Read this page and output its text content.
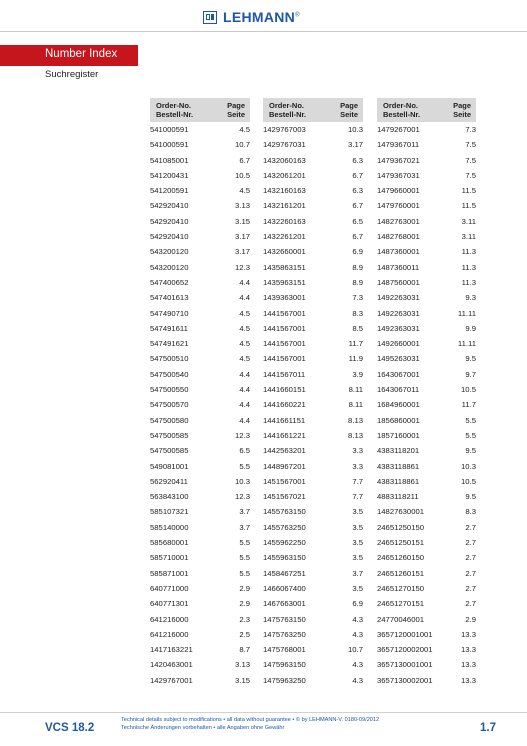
LEHMANN®
Number Index
Suchregister
Order-No.
Bestell-Nr.
Page
Seite
541000591	4.5
541000591	10.7
541085001	6.7
541200431	10.5
541200591	4.5
542920410	3.13
542920410	3.15
542920410	3.17
543200120	3.17
543200120	12.3
547400652	4.4
547401613	4.4
547490710	4.5
547491611	4.5
547491621	4.5
547500510	4.5
547500540	4.4
547500550	4.4
547500570	4.4
547500580	4.4
547500585	12.3
547500585	6.5
549081001	5.5
562920411	10.3
563843100	12.3
585107321	3.7
585140000	3.7
585680001	5.5
585710001	5.5
585871001	5.5
640771000	2.9
640771301	2.9
641216000	2.3
641216000	2.5
1417163221	8.7
1420463001	3.13
1429767001	3.15
Order-No.
Bestell-Nr.
Page
Seite
1429767003	10.3
1429767031	3.17
1432060163	6.3
1432061201	6.7
1432160163	6.3
1432161201	6.7
1432260163	6.5
1432261201	6.7
1432660001	6.9
1435863151	8.9
1435963151	8.9
1439363001	7.3
1441567001	8.3
1441567001	8.5
1441567001	11.7
1441567001	11.9
1441567011	3.9
1441660151	8.11
1441660221	8.11
1441661151	8.13
1441661221	8.13
1442563201	3.3
1448967201	3.3
1451567001	7.7
1451567021	7.7
1455763150	3.5
1455763250	3.5
1455962250	3.5
1455963150	3.5
1458467251	3.7
1466067400	3.5
1467663001	6.9
1475763150	4.3
1475763250	4.3
1475768001	10.7
1475963150	4.3
1475963250	4.3
Order-No.
Bestell-Nr.
Page
Seite
1479267001	7.3
1479367011	7.5
1479367021	7.5
1479367031	7.5
1479660001	11.5
1479760001	11.5
1482763001	3.11
1482768001	3.11
1487360001	11.3
1487360011	11.3
1487560001	11.3
1492263031	9.3
1492263031	11.11
1492363031	9.9
1492660001	11.11
1495263031	9.5
1643067001	9.7
1643067011	10.5
1684960001	11.7
1856860001	5.5
1857160001	5.5
4383118201	9.5
4383118861	10.3
4383118861	10.5
4883118211	9.5
14827630001	8.3
24651250150	2.7
24651250151	2.7
24651260150	2.7
24651260151	2.7
24651270150	2.7
24651270151	2.7
24770046001	2.9
3657120001001	13.3
3657120002001	13.3
3657130001001	13.3
3657130002001	13.3
VCS 18.2
Technical details subject to modifications • all data without guarantee • © by LEHMANN-V. 0180-09/2012
Technische Änderungen vorbehalten • alle Angaben ohne Gewähr	1.7
